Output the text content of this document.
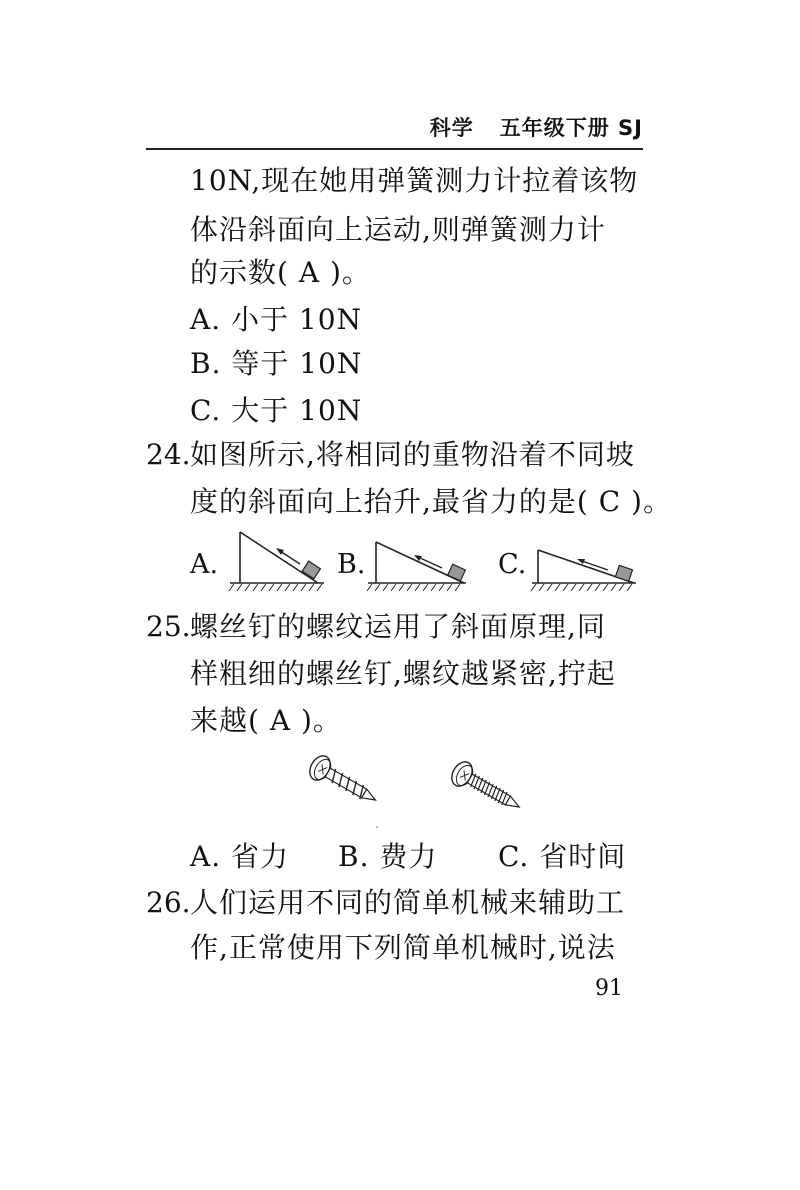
科学 五年级下册 SJ
10N,现在她用弹簧测力计拉着该物
体沿斜面向上运动,则弹簧测力计
的示数( A )。
A. 小于 10N
B. 等于 10N
C. 大于 10N
24. 如图所示,将相同的重物沿着不同坡
度的斜面向上抬升,最省力的是( C )。
A.	B.	C.
25. 螺丝钉的螺纹运用了斜面原理,同
样粗细的螺丝钉,螺纹越紧密,拧起
来越( A )。
A. 省力 B. 费力 C. 省时间
26. 人们运用不同的简单机械来辅助工
作,正常使用下列简单机械时,说法
91
